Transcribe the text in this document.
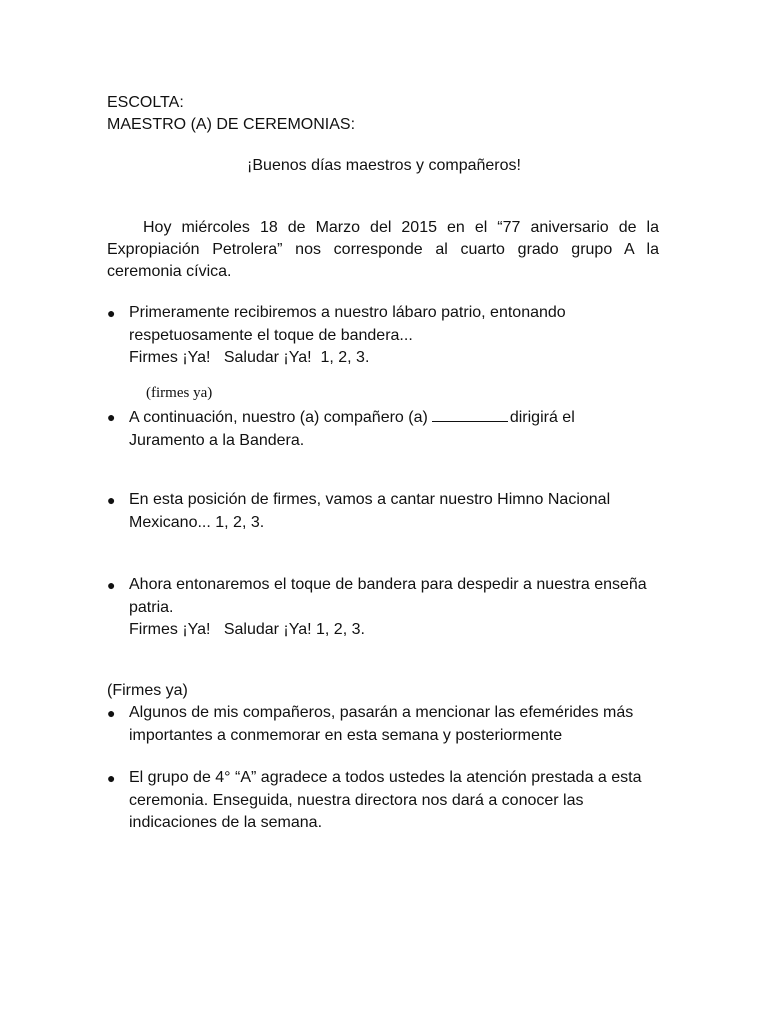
ESCOLTA:
MAESTRO (A) DE CEREMONIAS:
¡Buenos días maestros y compañeros!
Hoy miércoles 18 de Marzo del 2015 en el “77 aniversario de la Expropiación Petrolera” nos corresponde al cuarto grado grupo A la ceremonia cívica.
● Primeramente recibiremos a nuestro lábaro patrio, entonando respetuosamente el toque de bandera...
Firmes ¡Ya!   Saludar ¡Ya!  1, 2, 3.
(firmes ya)
● A continuación, nuestro (a) compañero (a)	dirigirá el Juramento a la Bandera.
● En esta posición de firmes, vamos a cantar nuestro Himno Nacional Mexicano... 1, 2, 3.
● Ahora entonaremos el toque de bandera para despedir a nuestra enseña patria.
Firmes ¡Ya!   Saludar ¡Ya! 1, 2, 3.
(Firmes ya)
● Algunos de mis compañeros, pasarán a mencionar las efemérides más importantes a conmemorar en esta semana y posteriormente
● El grupo de 4° “A” agradece a todos ustedes la atención prestada a esta ceremonia. Enseguida, nuestra directora nos dará a conocer las indicaciones de la semana.
